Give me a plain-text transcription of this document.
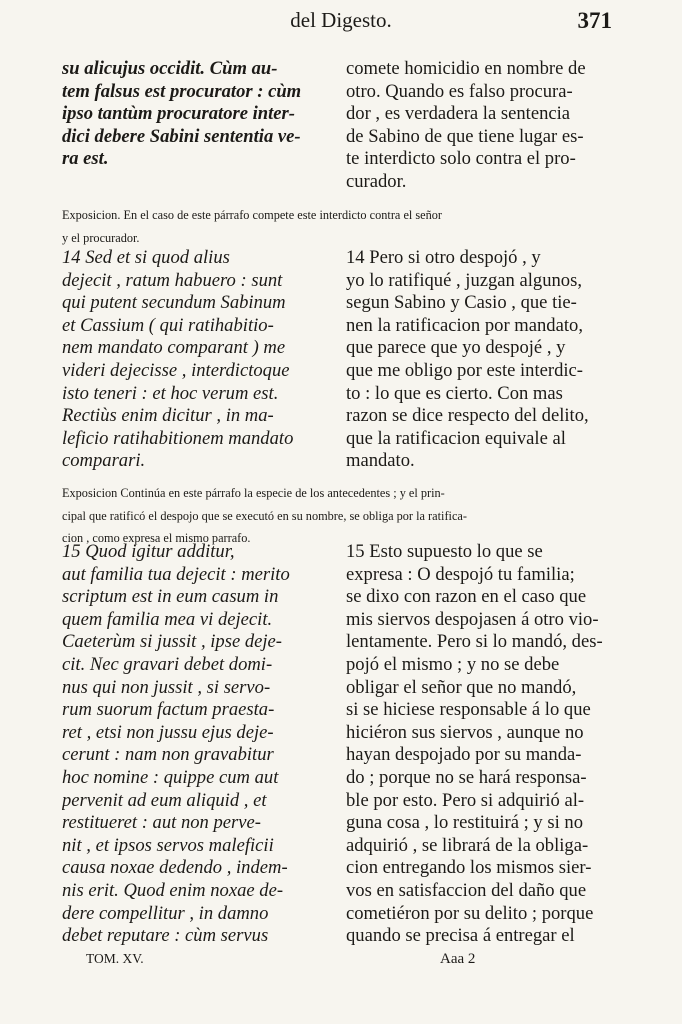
del Digesto.	371
su alicujus occidit. Cùm au-
tem falsus est procurator : cùm
ipso tantùm procuratore inter-
dici debere Sabini sententia ve-
ra est.
comete homicidio en nombre de
otro. Quando es falso procura-
dor , es verdadera la sentencia
de Sabino de que tiene lugar es-
te interdicto solo contra el pro-
curador.
Exposicion. En el caso de este párrafo compete este interdicto contra el señor
y el procurador.
14 Sed et si quod alius
dejecit , ratum habuero : sunt
qui putent secundum Sabinum
et Cassium ( qui ratihabitio-
nem mandato comparant ) me
videri dejecisse , interdictoque
isto teneri : et hoc verum est.
Rectiùs enim dicitur , in ma-
leficio ratihabitionem mandato
comparari.
14 Pero si otro despojó , y
yo lo ratifiqué , juzgan algunos,
segun Sabino y Casio , que tie-
nen la ratificacion por mandato,
que parece que yo despojé , y
que me obligo por este interdic-
to : lo que es cierto. Con mas
razon se dice respecto del delito,
que la ratificacion equivale al
mandato.
Exposicion Continúa en este párrafo la especie de los antecedentes ; y el prin-
cipal que ratificó el despojo que se executó en su nombre, se obliga por la ratifica-
cion , como expresa el mismo parrafo.
15 Quod igitur additur,
aut familia tua dejecit : merito
scriptum est in eum casum in
quem familia mea vi dejecit.
Caeterùm si jussit , ipse deje-
cit. Nec gravari debet domi-
nus qui non jussit , si servo-
rum suorum factum praesta-
ret , etsi non jussu ejus deje-
cerunt : nam non gravabitur
hoc nomine : quippe cum aut
pervenit ad eum aliquid , et
restitueret : aut non perve-
nit , et ipsos servos maleficii
causa noxae dedendo , indem-
nis erit. Quod enim noxae de-
dere compellitur , in damno
debet reputare : cùm servus
15 Esto supuesto lo que se
expresa : O despojó tu familia;
se dixo con razon en el caso que
mis siervos despojasen á otro vio-
lentamente. Pero si lo mandó, des-
pojó el mismo ; y no se debe
obligar el señor que no mandó,
si se hiciese responsable á lo que
hiciéron sus siervos , aunque no
hayan despojado por su manda-
do ; porque no se hará responsa-
ble por esto. Pero si adquirió al-
guna cosa , lo restituirá ; y si no
adquirió , se librará de la obliga-
cion entregando los mismos sier-
vos en satisfaccion del daño que
cometiéron por su delito ; porque
quando se precisa á entregar el
TOM. XV.	Aaa 2
